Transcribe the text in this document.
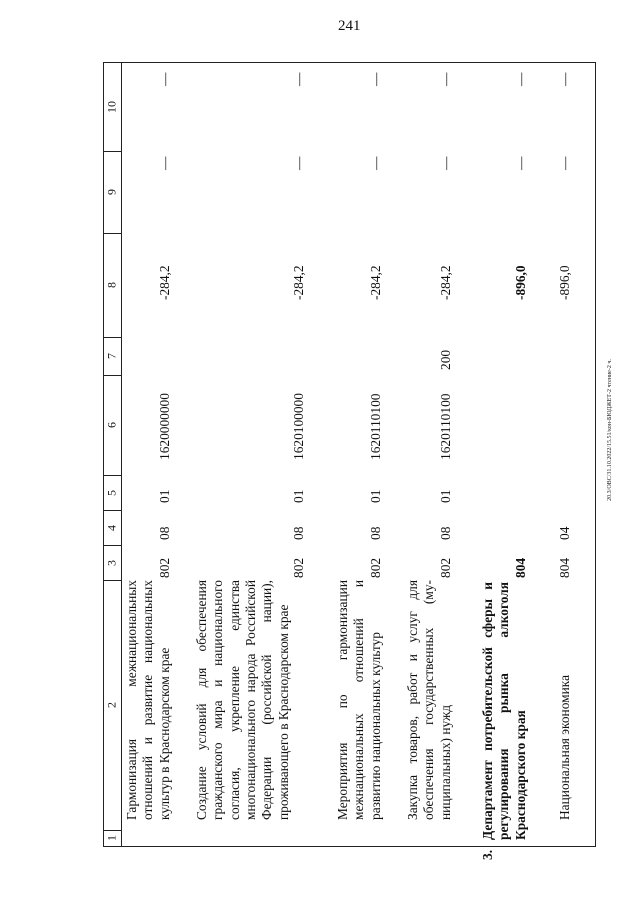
241
20.3/OBC/31.10.2022/15.51/кон-БЮДЖЕТ-2 чтение-2 ч.
1
2
3
4
5
6
7
8
9
10
Гармонизация межнациональных отношений и развитие национальных культур в Краснодарском крае
802
08
01
1620000000
-284,2
—
—
Создание условий для обеспечения гражданского мира и национального согласия, укрепление единства многонационального народа Российской Федерации (российской нации), проживающего в Краснодарском крае
802
08
01
1620100000
-284,2
—
—
Мероприятия по гармонизации межнациональных отношений и развитию национальных культур
802
08
01
1620110100
-284,2
—
—
Закупка товаров, работ и услуг для обеспечения государственных (муниципальных) нужд
802
08
01
1620110100
200
-284,2
—
—
3.
Департамент потребительской сферы и регулирования рынка алкоголя Краснодарского края
804
-896,0
—
—
Национальная экономика
804
04
-896,0
—
—
